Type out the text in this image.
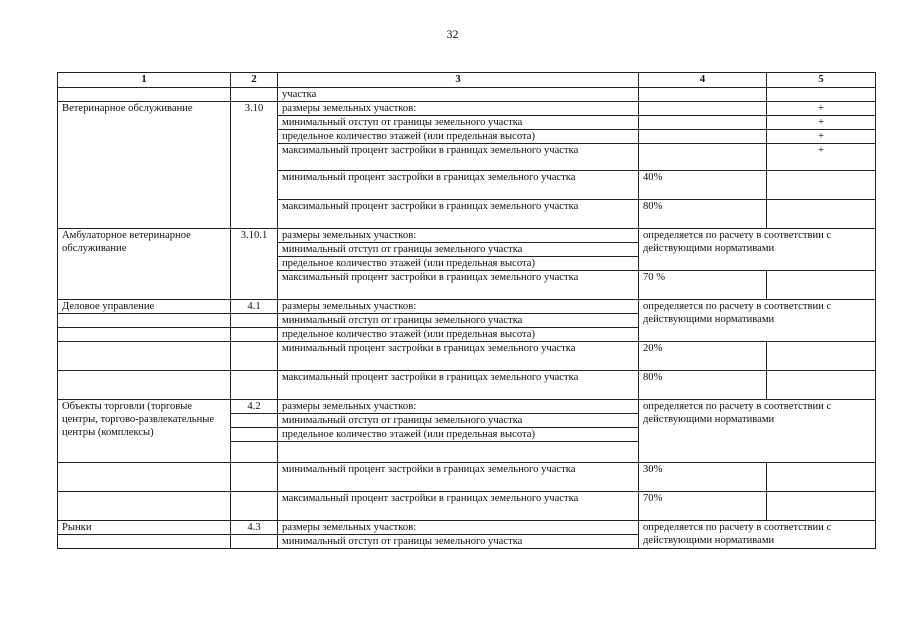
32
1	2	3	4	5
		участка		
Ветеринарное обслуживание	3.10	размеры земельных участков:		+
		минимальный отступ от границы земельного участка		+
		предельное количество этажей (или предельная высота)		+
		максимальный процент застройки в границах земельного участка		+
		минимальный процент застройки в границах земельного участка	40%	
		максимальный процент застройки в границах земельного участка	80%	
Амбулаторное ветеринарное обслуживание	3.10.1	размеры земельных участков:	определяется по расчету в соответствии с действующими нормативами	
		минимальный отступ от границы земельного участка		
		предельное количество этажей (или предельная высота)		
		максимальный процент застройки в границах земельного участка	70 %	
Деловое управление	4.1	размеры земельных участков:	определяется по расчету в соответствии с действующими нормативами	
		минимальный отступ от границы земельного участка		
		предельное количество этажей (или предельная высота)		
		минимальный процент застройки в границах земельного участка	20%	
		максимальный процент застройки в границах земельного участка	80%	
Объекты торговли (торговые центры, торгово-развлекательные центры (комплексы)	4.2	размеры земельных участков:	определяется по расчету в соответствии с действующими нормативами	
		минимальный отступ от границы земельного участка		
		предельное количество этажей (или предельная высота)		

		минимальный процент застройки в границах земельного участка	30%	
		максимальный процент застройки в границах земельного участка	70%	
Рынки	4.3	размеры земельных участков:	определяется по расчету в соответствии с действующими нормативами	
		минимальный отступ от границы земельного участка		
